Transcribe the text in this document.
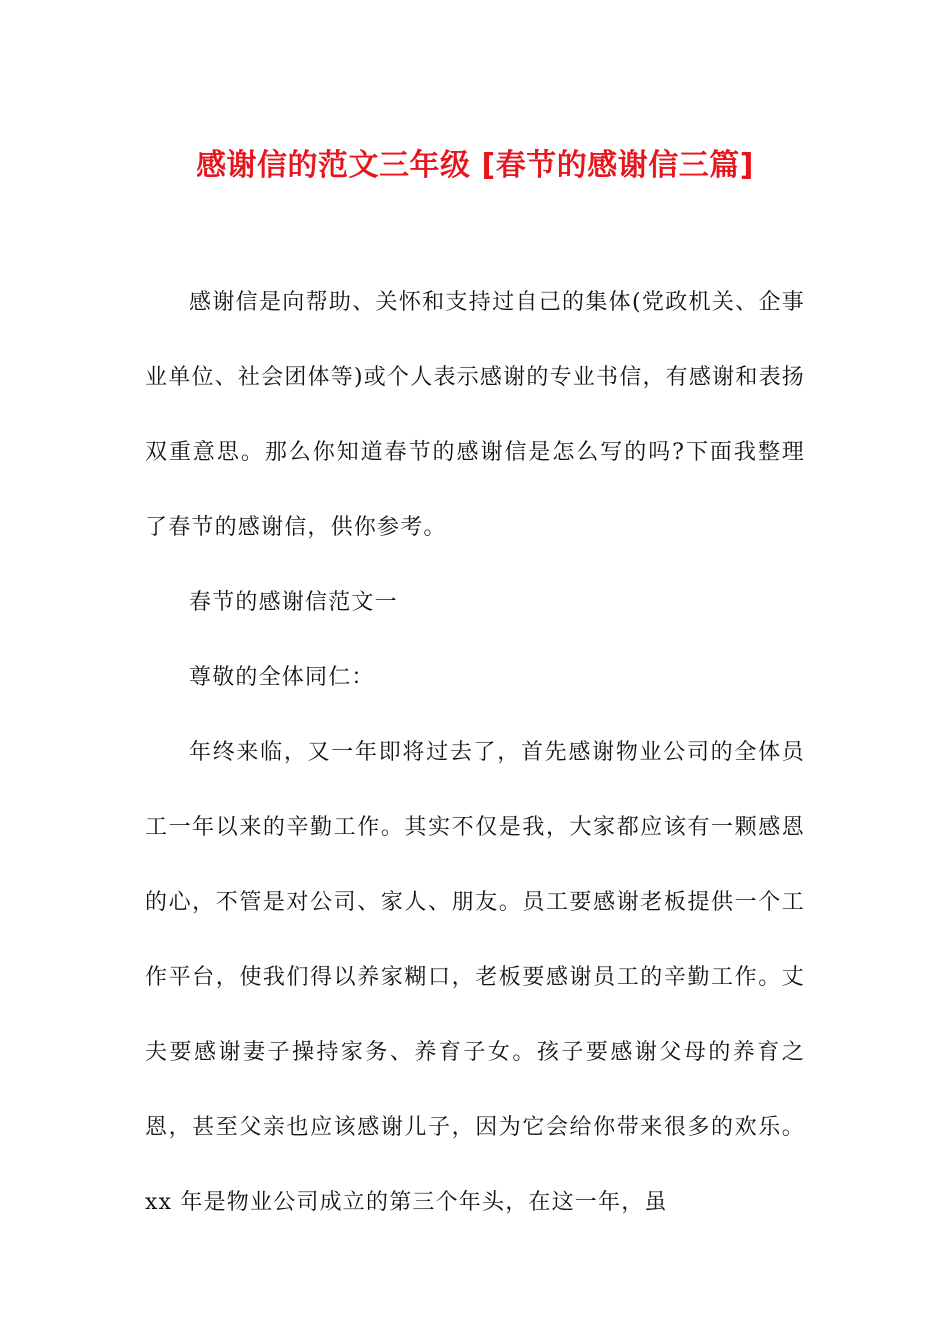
感谢信的范文三年级 [春节的感谢信三篇]

感谢信是向帮助、关怀和支持过自己的集体(党政机关、企事业单位、社会团体等)或个人表示感谢的专业书信，有感谢和表扬双重意思。那么你知道春节的感谢信是怎么写的吗?下面我整理了春节的感谢信，供你参考。

春节的感谢信范文一

尊敬的全体同仁：

年终来临，又一年即将过去了，首先感谢物业公司的全体员工一年以来的辛勤工作。其实不仅是我，大家都应该有一颗感恩的心，不管是对公司、家人、朋友。员工要感谢老板提供一个工作平台，使我们得以养家糊口，老板要感谢员工的辛勤工作。丈夫要感谢妻子操持家务、养育子女。孩子要感谢父母的养育之恩，甚至父亲也应该感谢儿子，因为它会给你带来很多的欢乐。xx 年是物业公司成立的第三个年头，在这一年，虽
